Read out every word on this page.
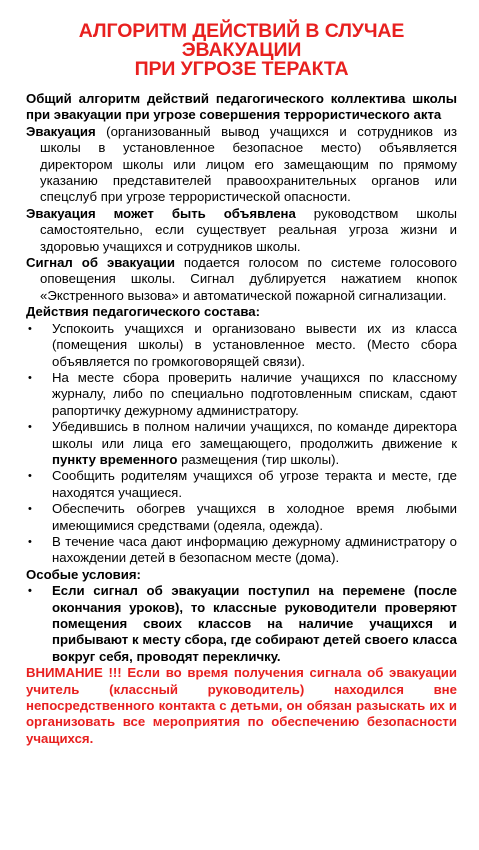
АЛГОРИТМ ДЕЙСТВИЙ В СЛУЧАЕ ЭВАКУАЦИИ
ПРИ УГРОЗЕ ТЕРАКТА

Общий алгоритм действий педагогического коллектива школы при эвакуации при угрозе совершения террористического акта

Эвакуация (организованный вывод учащихся и сотрудников из школы в установленное безопасное место) объявляется директором школы или лицом его замещающим по прямому указанию представителей правоохранительных органов или спецслуб при угрозе террористической опасности.

Эвакуация может быть объявлена руководством школы самостоятельно, если существует реальная угроза жизни и здоровью учащихся и сотрудников школы.

Сигнал об эвакуации подается голосом по системе голосового оповещения школы. Сигнал дублируется нажатием кнопок «Экстренного вызова» и автоматической пожарной сигнализации.

Действия педагогического состава:

• Успокоить учащихся и организовано вывести их из класса (помещения школы) в установленное место. (Место сбора объявляется по громкоговорящей связи).
• На месте сбора проверить наличие учащихся по классному журналу, либо по специально подготовленным спискам, сдают рапортичку дежурному администратору.
• Убедившись в полном наличии учащихся, по команде директора школы или лица его замещающего, продолжить движение к пункту временного размещения (тир школы).
• Сообщить родителям учащихся об угрозе теракта и месте, где находятся учащиеся.
• Обеспечить обогрев учащихся в холодное время любыми имеющимися средствами (одеяла, одежда).
• В течение часа дают информацию дежурному администратору о нахождении детей в безопасном месте (дома).

Особые условия:

• Если сигнал об эвакуации поступил на перемене (после окончания уроков), то классные руководители проверяют помещения своих классов на наличие учащихся и прибывают к месту сбора, где собирают детей своего класса вокруг себя, проводят перекличку.

ВНИМАНИЕ !!! Если во время получения сигнала об эвакуации учитель (классный руководитель) находился вне непосредственного контакта с детьми, он обязан разыскать их и организовать все мероприятия по обеспечению безопасности учащихся.
